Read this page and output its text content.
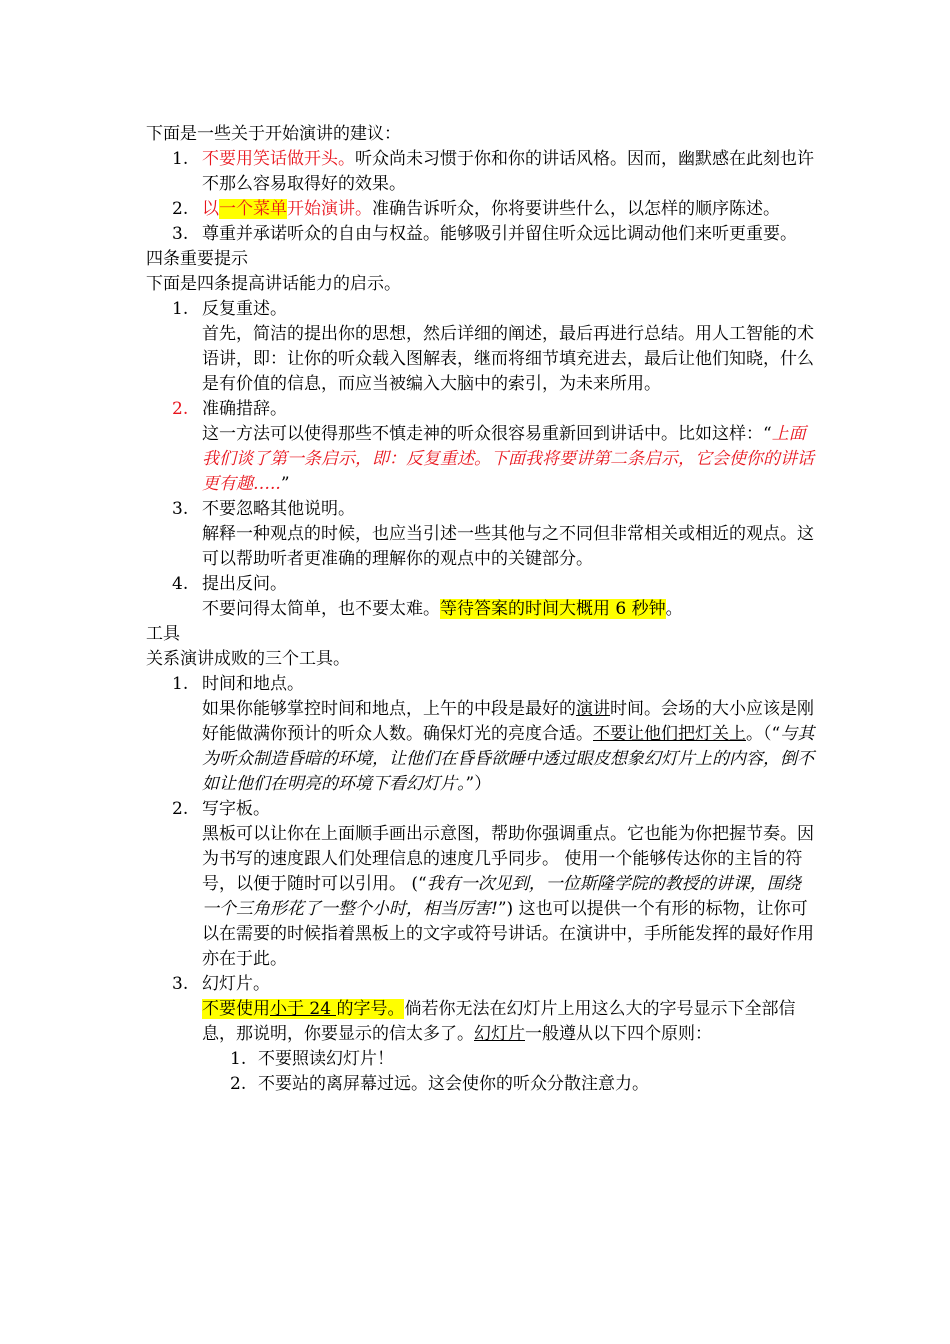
下面是一些关于开始演讲的建议：

1. 不要用笑话做开头。听众尚未习惯于你和你的讲话风格。因而，幽默感在此刻也许不那么容易取得好的效果。
2. 以一个菜单开始演讲。准确告诉听众，你将要讲些什么，以怎样的顺序陈述。
3. 尊重并承诺听众的自由与权益。能够吸引并留住听众远比调动他们来听更重要。

四条重要提示

下面是四条提高讲话能力的启示。

1. 反复重述。
首先，简洁的提出你的思想，然后详细的阐述，最后再进行总结。用人工智能的术语讲，即：让你的听众载入图解表，继而将细节填充进去，最后让他们知晓，什么是有价值的信息，而应当被编入大脑中的索引，为未来所用。
2. 准确措辞。
这一方法可以使得那些不慎走神的听众很容易重新回到讲话中。比如这样：“上面我们谈了第一条启示，即：反复重述。下面我将要讲第二条启示，它会使你的讲话更有趣…..”
3. 不要忽略其他说明。
解释一种观点的时候，也应当引述一些其他与之不同但非常相关或相近的观点。这可以帮助听者更准确的理解你的观点中的关键部分。
4. 提出反问。
不要问得太简单，也不要太难。等待答案的时间大概用 6 秒钟。

工具

关系演讲成败的三个工具。

1. 时间和地点。
如果你能够掌控时间和地点，上午的中段是最好的演讲时间。会场的大小应该是刚好能做满你预计的听众人数。确保灯光的亮度合适。不要让他们把灯关上。（“与其为听众制造昏暗的环境，让他们在昏昏欲睡中透过眼皮想象幻灯片上的内容，倒不如让他们在明亮的环境下看幻灯片。”）
2. 写字板。
黑板可以让你在上面顺手画出示意图，帮助你强调重点。它也能为你把握节奏。因为书写的速度跟人们处理信息的速度几乎同步。 使用一个能够传达你的主旨的符号，以便于随时可以引用。 (“我有一次见到，一位斯隆学院的教授的讲课，围绕一个三角形花了一整个小时，相当厉害!”) 这也可以提供一个有形的标物，让你可以在需要的时候指着黑板上的文字或符号讲话。在演讲中，手所能发挥的最好作用亦在于此。
3. 幻灯片。
不要使用小于 24 的字号。倘若你无法在幻灯片上用这么大的字号显示下全部信息，那说明，你要显示的信太多了。幻灯片一般遵从以下四个原则：
1. 不要照读幻灯片！
2. 不要站的离屏幕过远。这会使你的听众分散注意力。
